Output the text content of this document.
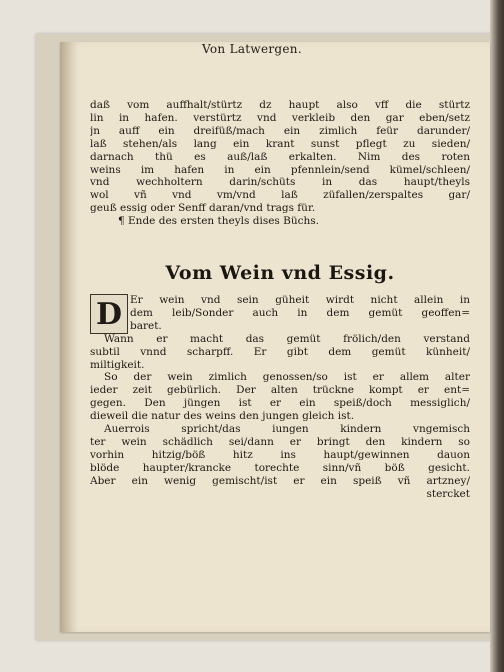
Von Latwergen.
daß vom auffhalt/stürtz dz haupt also vff die stürtz
lin in hafen. verstürtz vnd verkleib den gar eben/setz
jn auff ein dreifüß/mach ein zimlich feür darunder/
laß stehen/als lang ein krant sunst pflegt zu sieden/
darnach thü es auß/laß erkalten. Nim des roten
weins im hafen in ein pfennlein/send kümel/schleen/
vnd wechholtern darin/schüts in das haupt/theyls
wol vñ vnd vm/vnd laß züfallen/zerspaltes gar/
geuß essig oder Senff daran/vnd trags für.
¶ Ende des ersten theyls dises Büchs.
Vom Wein vnd Essig.
D Er wein vnd sein güheit wirdt nicht allein in
dem leib/Sonder auch in dem gemüt geoffen=
baret.
Wann er macht das gemüt frölich/den verstand
subtil vnnd scharpff. Er gibt dem gemüt künheit/
miltigkeit.
So der wein zimlich genossen/so ist er allem alter
ieder zeit gebürlich. Der alten trückne kompt er ent=
gegen. Den jüngen ist er ein speiß/doch messiglich/
dieweil die natur des weins den jungen gleich ist.
Auerrois spricht/das iungen kindern vngemisch
ter wein schädlich sei/dann er bringt den kindern so
vorhin hitzig/böß hitz ins haupt/gewinnen dauon
blöde haupter/krancke torechte sinn/vñ böß gesicht.
Aber ein wenig gemischt/ist er ein speiß vñ artzney/
stercket
